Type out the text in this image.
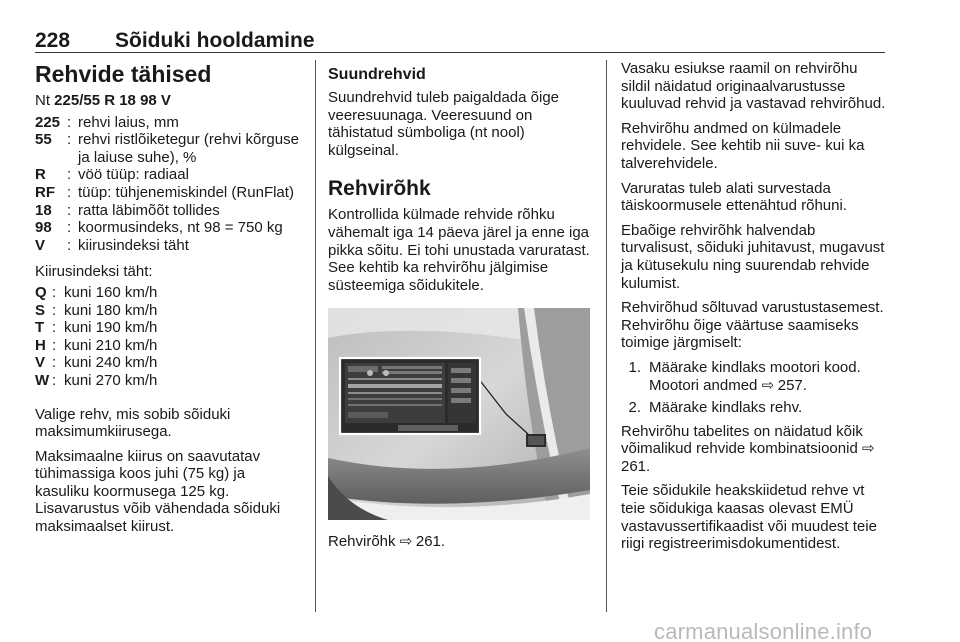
228 Sõiduki hooldamine
Rehvide tähised

Nt 225/55 R 18 98 V

225 : rehvi laius, mm
55	: rehvi ristlõiketegur (rehvi kõrguse ja laiuse suhe), %
R	: vöö tüüp: radiaal
RF : tüüp: tühjenemiskindel (RunFlat)
18	: ratta läbimõõt tollides
98	: koormusindeks, nt 98 = 750 kg
V	: kiirusindeksi täht

Kiirusindeksi täht:

Q : kuni 160 km/h
S : kuni 180 km/h
T : kuni 190 km/h
H : kuni 210 km/h
V : kuni 240 km/h
W : kuni 270 km/h

Valige rehv, mis sobib sõiduki maksimumkiirusega.

Maksimaalne kiirus on saavutatav tühimassiga koos juhi (75 kg) ja kasuliku koormusega 125 kg. Lisavarustus võib vähendada sõiduki maksimaalset kiirust.

Suundrehvid

Suundrehvid tuleb paigaldada õige veeresuunaga. Veeresuund on tähistatud sümboliga (nt nool) külgseinal.

Rehvirõhk

Kontrollida külmade rehvide rõhku vähemalt iga 14 päeva järel ja enne iga pikka sõitu. Ei tohi unustada varuratast. See kehtib ka rehvirõhu jälgimise süsteemiga sõidukitele.

Rehvirõhk ⇨ 261.

Vasaku esiukse raamil on rehvirõhu sildil näidatud originaalvarustusse kuuluvad rehvid ja vastavad rehvirõhud.

Rehvirõhu andmed on külmadele rehvidele. See kehtib nii suve- kui ka talverehvidele.

Varuratas tuleb alati survestada täiskoormusele ettenähtud rõhuni.

Ebaõige rehvirõhk halvendab turvalisust, sõiduki juhitavust, mugavust ja kütusekulu ning suurendab rehvide kulumist.

Rehvirõhud sõltuvad varustustasemest. Rehvirõhu õige väärtuse saamiseks toimige järgmiselt:

1. Määrake kindlaks mootori kood. Mootori andmed ⇨ 257.
2. Määrake kindlaks rehv.

Rehvirõhu tabelites on näidatud kõik võimalikud rehvide kombinatsioonid ⇨ 261.

Teie sõidukile heakskiidetud rehve vt teie sõidukiga kaasas olevast EMÜ vastavussertifikaadist või muudest teie riigi registreerimisdokumentidest.

carmanualsonline.info
